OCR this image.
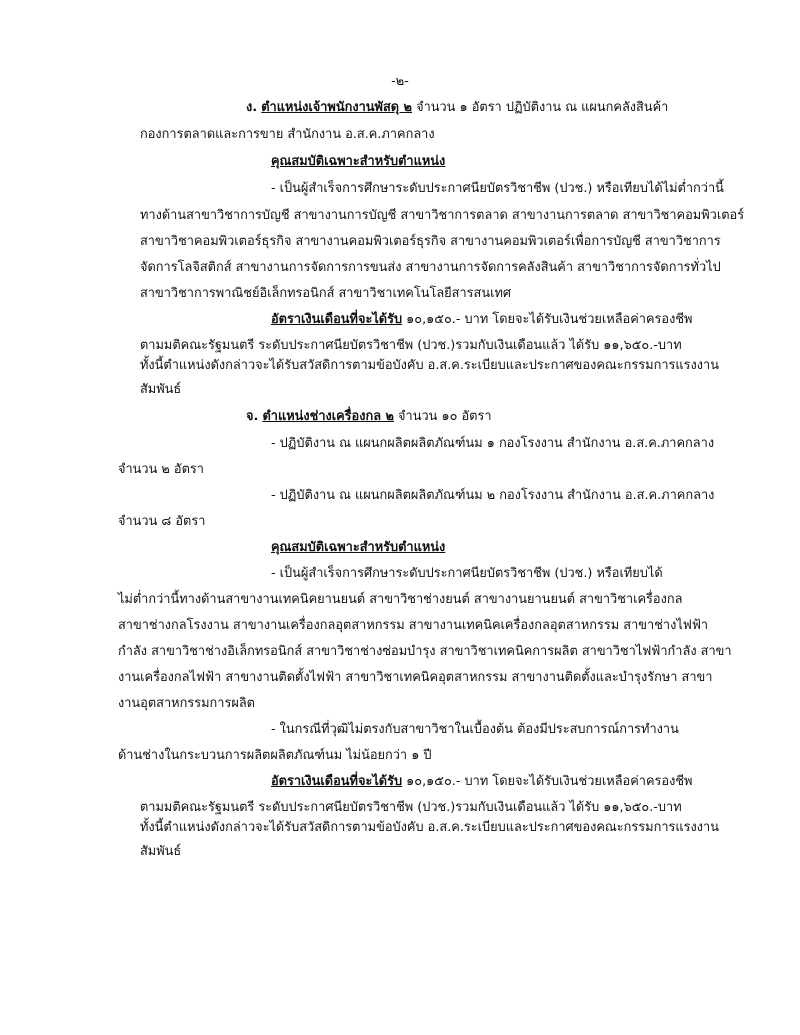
-๒-
ง. ตำแหน่งเจ้าพนักงานพัสดุ ๒ จำนวน ๑ อัตรา ปฏิบัติงาน ณ แผนกคลังสินค้า
กองการตลาดและการขาย สำนักงาน อ.ส.ค.ภาคกลาง
คุณสมบัติเฉพาะสำหรับตำแหน่ง
- เป็นผู้สำเร็จการศึกษาระดับประกาศนียบัตรวิชาชีพ (ปวช.) หรือเทียบได้ไม่ต่ำกว่านี้
ทางด้านสาขาวิชาการบัญชี สาขางานการบัญชี สาขาวิชาการตลาด สาขางานการตลาด สาขาวิชาคอมพิวเตอร์
สาขาวิชาคอมพิวเตอร์ธุรกิจ สาขางานคอมพิวเตอร์ธุรกิจ สาขางานคอมพิวเตอร์เพื่อการบัญชี สาขาวิชาการ
จัดการโลจิสติกส์ สาขางานการจัดการการขนส่ง สาขางานการจัดการคลังสินค้า สาขาวิชาการจัดการทั่วไป
สาขาวิชาการพาณิชย์อิเล็กทรอนิกส์ สาขาวิชาเทคโนโลยีสารสนเทศ
อัตราเงินเดือนที่จะได้รับ ๑๐,๑๕๐.- บาท โดยจะได้รับเงินช่วยเหลือค่าครองชีพ
ตามมติคณะรัฐมนตรี ระดับประกาศนียบัตรวิชาชีพ (ปวช.)รวมกับเงินเดือนแล้ว ได้รับ ๑๑,๖๕๐.-บาท
ทั้งนี้ตำแหน่งดังกล่าวจะได้รับสวัสดิการตามข้อบังคับ อ.ส.ค.ระเบียบและประกาศของคณะกรรมการแรงงาน
สัมพันธ์
จ. ตำแหน่งช่างเครื่องกล ๒ จำนวน ๑๐ อัตรา
- ปฏิบัติงาน ณ แผนกผลิตผลิตภัณฑ์นม ๑ กองโรงงาน สำนักงาน อ.ส.ค.ภาคกลาง
จำนวน ๒ อัตรา
- ปฏิบัติงาน ณ แผนกผลิตผลิตภัณฑ์นม ๒ กองโรงงาน สำนักงาน อ.ส.ค.ภาคกลาง
จำนวน ๘ อัตรา
คุณสมบัติเฉพาะสำหรับตำแหน่ง
- เป็นผู้สำเร็จการศึกษาระดับประกาศนียบัตรวิชาชีพ (ปวช.) หรือเทียบได้
ไม่ต่ำกว่านี้ทางด้านสาขางานเทคนิคยานยนต์ สาขาวิชาช่างยนต์ สาขางานยานยนต์ สาขาวิชาเครื่องกล
สาขาช่างกลโรงงาน สาขางานเครื่องกลอุตสาหกรรม สาขางานเทคนิคเครื่องกลอุตสาหกรรม สาขาช่างไฟฟ้า
กำลัง สาขาวิชาช่างอิเล็กทรอนิกส์ สาขาวิชาช่างซ่อมบำรุง สาขาวิชาเทคนิคการผลิต สาขาวิชาไฟฟ้ากำลัง สาขา
งานเครื่องกลไฟฟ้า สาขางานติดตั้งไฟฟ้า สาขาวิชาเทคนิคอุตสาหกรรม สาขางานติดตั้งและบำรุงรักษา สาขา
งานอุตสาหกรรมการผลิต
- ในกรณีที่วุฒิไม่ตรงกับสาขาวิชาในเบื้องต้น ต้องมีประสบการณ์การทำงาน
ด้านช่างในกระบวนการผลิตผลิตภัณฑ์นม ไม่น้อยกว่า ๑ ปี
อัตราเงินเดือนที่จะได้รับ ๑๐,๑๕๐.- บาท โดยจะได้รับเงินช่วยเหลือค่าครองชีพ
ตามมติคณะรัฐมนตรี ระดับประกาศนียบัตรวิชาชีพ (ปวช.)รวมกับเงินเดือนแล้ว ได้รับ ๑๑,๖๕๐.-บาท
ทั้งนี้ตำแหน่งดังกล่าวจะได้รับสวัสดิการตามข้อบังคับ อ.ส.ค.ระเบียบและประกาศของคณะกรรมการแรงงาน
สัมพันธ์
